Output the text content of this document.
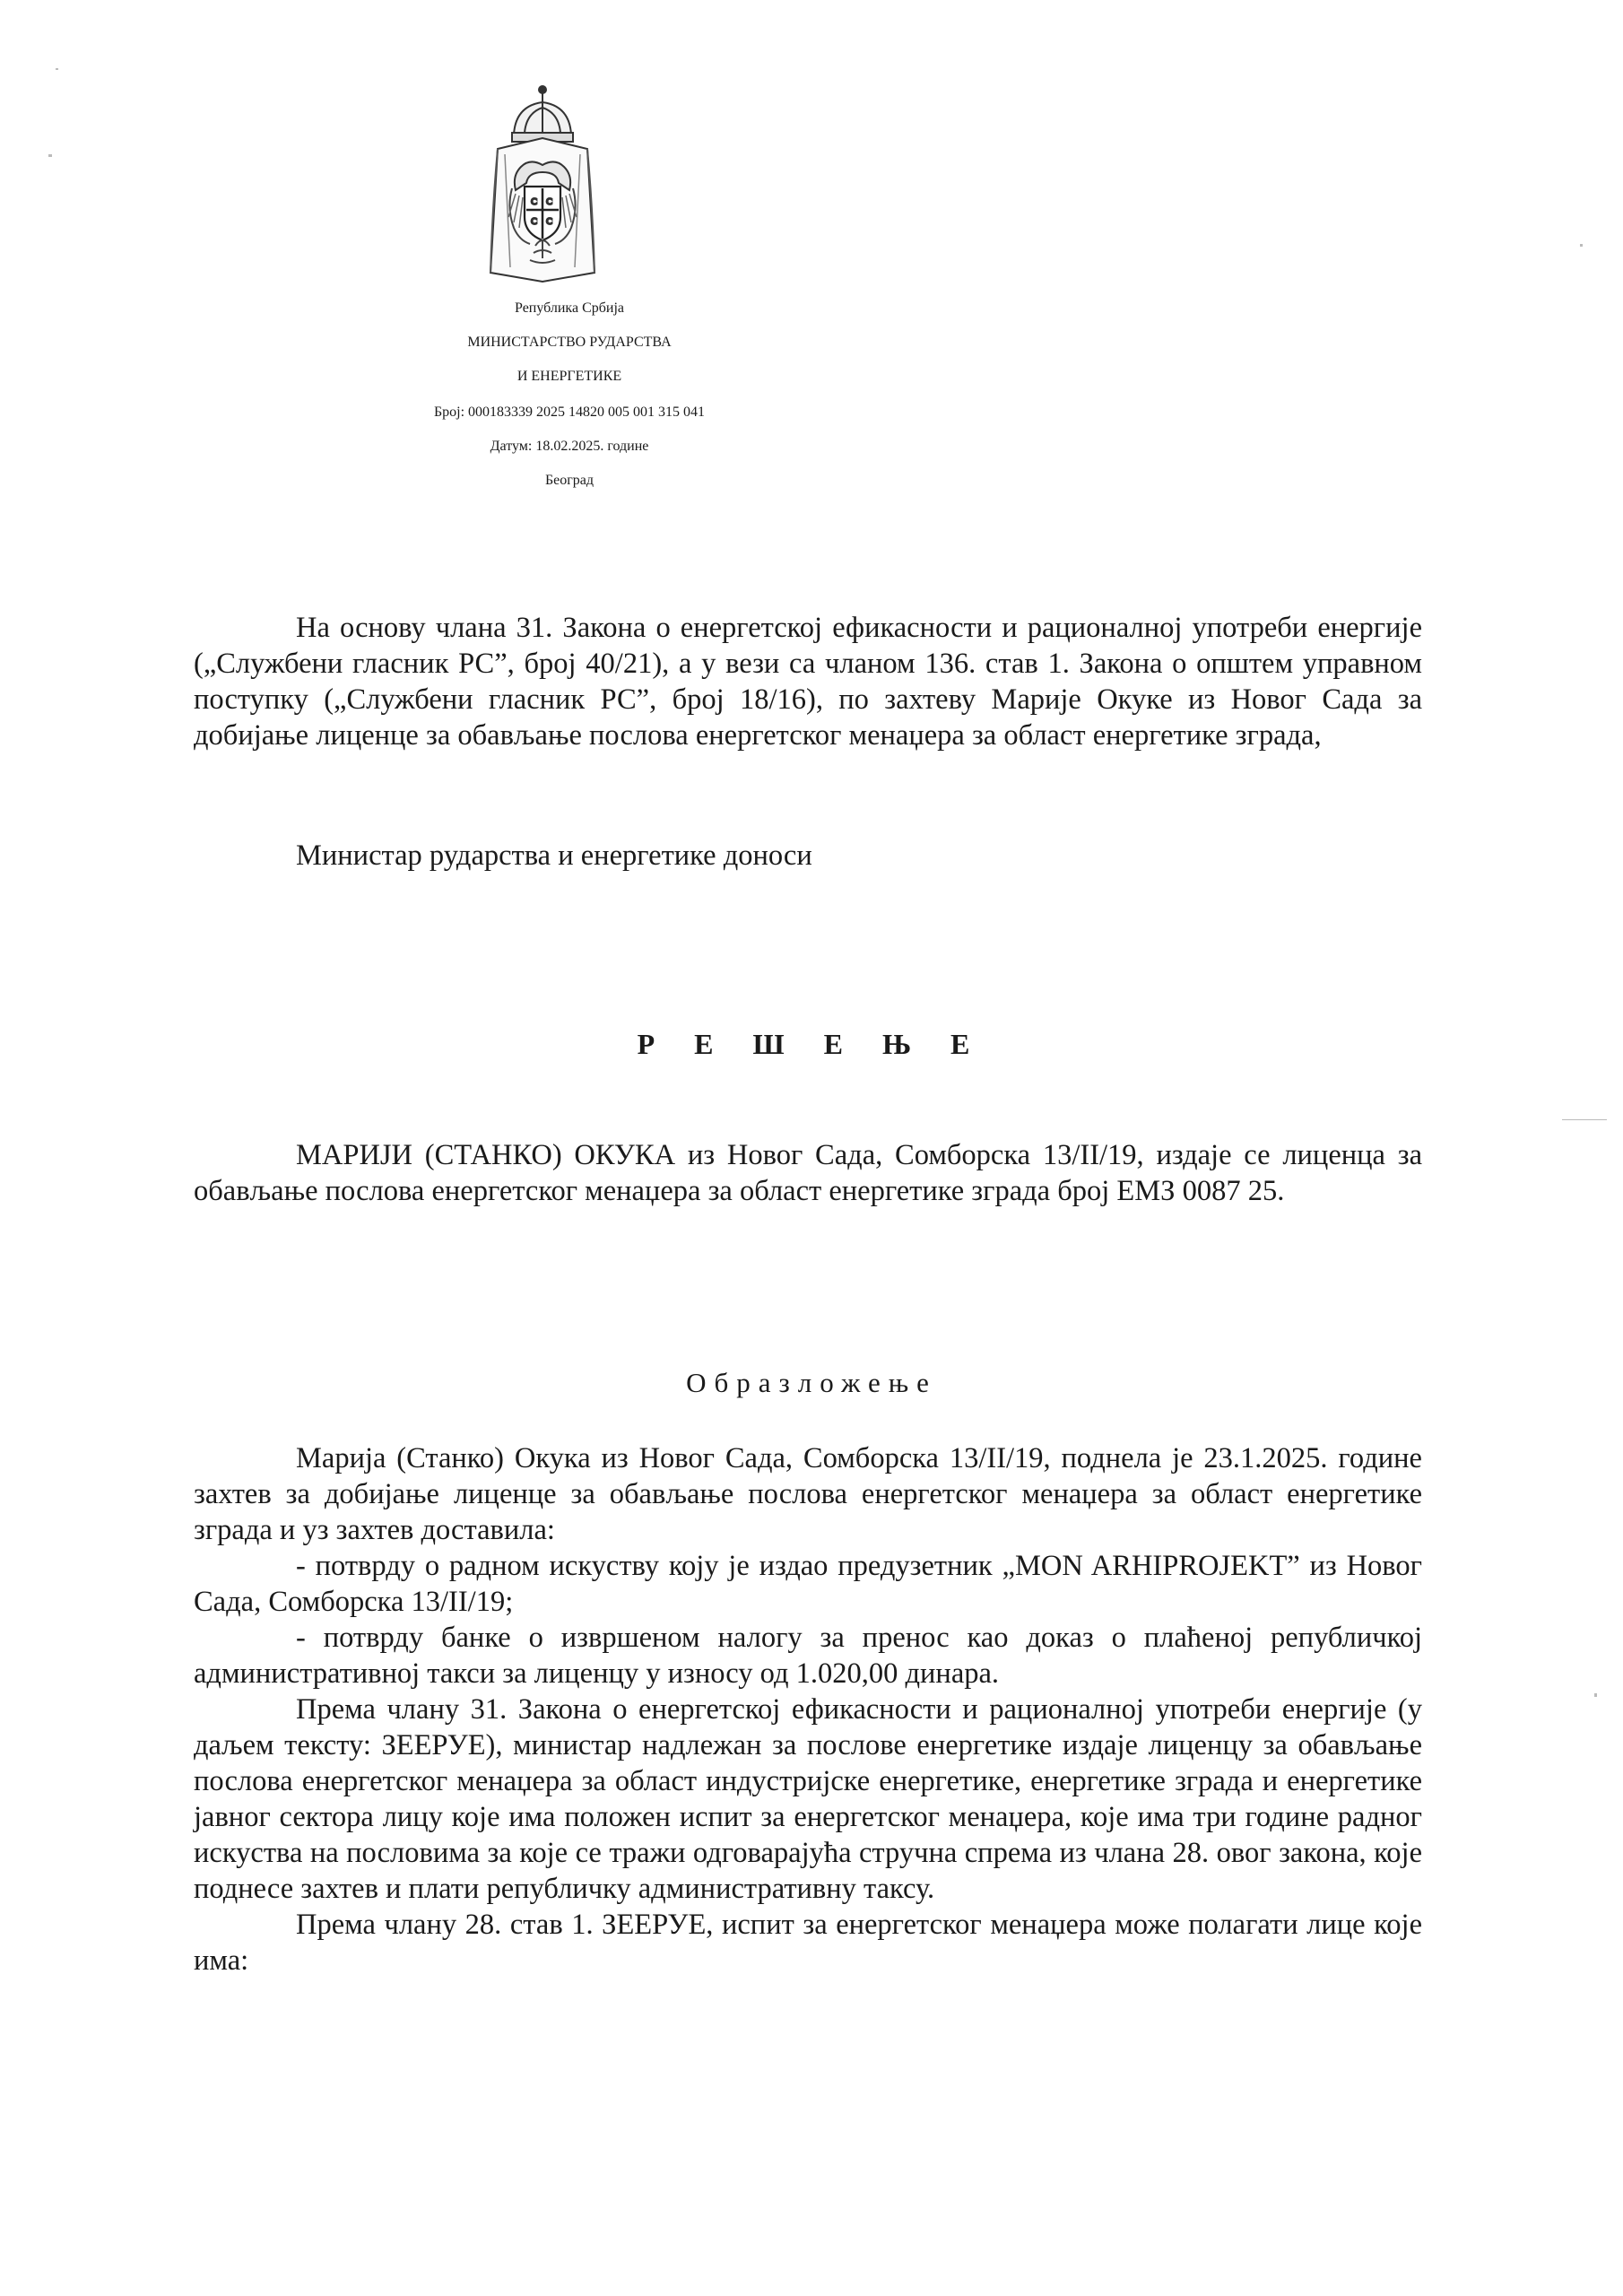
С С
С С
Република Србија
МИНИСТАРСТВО РУДАРСТВА
И ЕНЕРГЕТИКЕ
Број: 000183339 2025 14820 005 001 315 041
Датум: 18.02.2025. године
Београд

На основу члана 31. Закона о енергетској ефикасности и рационалној употреби енергије („Службени гласник РС”, број 40/21), а у вези са чланом 136. став 1. Закона о општем управном поступку („Службени гласник РС”, број 18/16), по захтеву Марије Окуке из Новог Сада за добијање лиценце за обављање послова енергетског менаџера за област енергетике зграда,

Министар рударства и енергетике доноси

Р Е Ш Е Њ Е

МАРИЈИ (СТАНКО) ОКУКА из Новог Сада, Сомборска 13/II/19, издаје се лиценца за обављање послова енергетског менаџера за област енергетике зграда број ЕМЗ 0087 25.

Образложење

Марија (Станко) Окука из Новог Сада, Сомборска 13/II/19, поднела је 23.1.2025. године захтев за добијање лиценце за обављање послова енергетског менаџера за област енергетике зграда и уз захтев доставила:

- потврду о радном искуству коју је издао предузетник „MON ARHIPROJEKT” из Новог Сада, Сомборска 13/II/19;

- потврду банке о извршеном налогу за пренос као доказ о плаћеној републичкој административној такси за лиценцу у износу од 1.020,00 динара.

Према члану 31. Закона о енергетској ефикасности и рационалној употреби енергије (у даљем тексту: ЗЕЕРУЕ), министар надлежан за послове енергетике издаје лиценцу за обављање послова енергетског менаџера за област индустријске енергетике, енергетике зграда и енергетике јавног сектора лицу које има положен испит за енергетског менаџера, које има три године радног искуства на пословима за које се тражи одговарајућа стручна спрема из члана 28. овог закона, које поднесе захтев и плати републичку административну таксу.

Према члану 28. став 1. ЗЕЕРУЕ, испит за енергетског менаџера може полагати лице које има:
